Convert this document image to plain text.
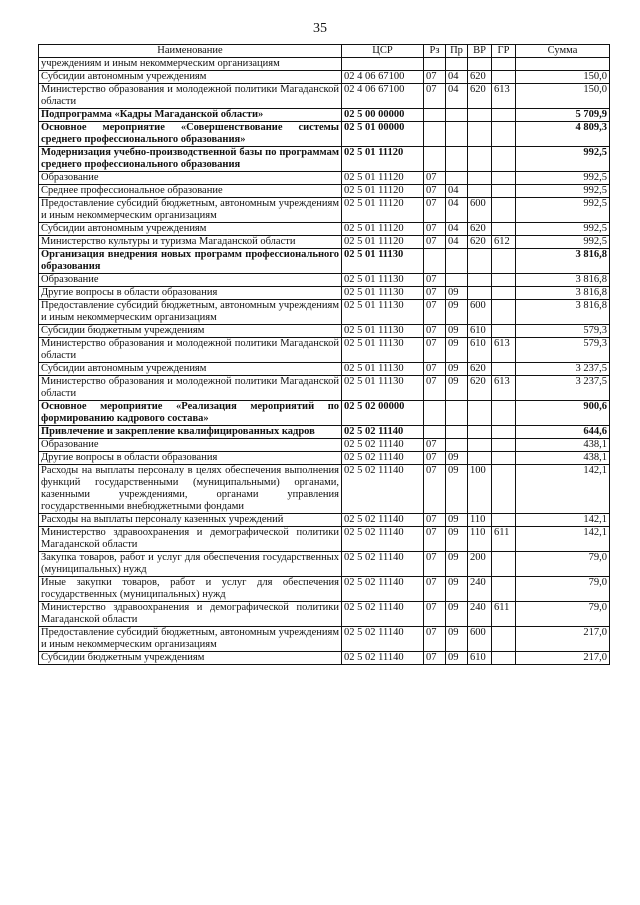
35
Наименование	ЦСР	Рз	Пр	ВР	ГР	Сумма
учреждениям и иным некоммерческим организациям						
Субсидии автономным учреждениям	02 4 06 67100	07	04	620		150,0
Министерство образования и молодежной политики Магаданской области	02 4 06 67100	07	04	620	613	150,0
Подпрограмма «Кадры Магаданской области»	02 5 00 00000					5 709,9
Основное мероприятие «Совершенствование системы среднего профессионального образования»	02 5 01 00000					4 809,3
Модернизация учебно-производственной базы по программам среднего профессионального образования	02 5 01 11120					992,5
Образование	02 5 01 11120	07				992,5
Среднее профессиональное образование	02 5 01 11120	07	04			992,5
Предоставление субсидий бюджетным, автономным учреждениям и иным некоммерческим организациям	02 5 01 11120	07	04	600		992,5
Субсидии автономным учреждениям	02 5 01 11120	07	04	620		992,5
Министерство культуры и туризма Магаданской области	02 5 01 11120	07	04	620	612	992,5
Организация внедрения новых программ профессионального образования	02 5 01 11130					3 816,8
Образование	02 5 01 11130	07				3 816,8
Другие вопросы в области образования	02 5 01 11130	07	09			3 816,8
Предоставление субсидий бюджетным, автономным учреждениям и иным некоммерческим организациям	02 5 01 11130	07	09	600		3 816,8
Субсидии бюджетным учреждениям	02 5 01 11130	07	09	610		579,3
Министерство образования и молодежной политики Магаданской области	02 5 01 11130	07	09	610	613	579,3
Субсидии автономным учреждениям	02 5 01 11130	07	09	620		3 237,5
Министерство образования и молодежной политики Магаданской области	02 5 01 11130	07	09	620	613	3 237,5
Основное мероприятие «Реализация мероприятий по формированию кадрового состава»	02 5 02 00000					900,6
Привлечение и закрепление квалифицированных кадров	02 5 02 11140					644,6
Образование	02 5 02 11140	07				438,1
Другие вопросы в области образования	02 5 02 11140	07	09			438,1
Расходы на выплаты персоналу в целях обеспечения выполнения функций государственными (муниципальными) органами, казенными учреждениями, органами управления государственными внебюджетными фондами	02 5 02 11140	07	09	100		142,1
Расходы на выплаты персоналу казенных учреждений	02 5 02 11140	07	09	110		142,1
Министерство здравоохранения и демографической политики Магаданской области	02 5 02 11140	07	09	110	611	142,1
Закупка товаров, работ и услуг для обеспечения государственных (муниципальных) нужд	02 5 02 11140	07	09	200		79,0
Иные закупки товаров, работ и услуг для обеспечения государственных (муниципальных) нужд	02 5 02 11140	07	09	240		79,0
Министерство здравоохранения и демографической политики Магаданской области	02 5 02 11140	07	09	240	611	79,0
Предоставление субсидий бюджетным, автономным учреждениям и иным некоммерческим организациям	02 5 02 11140	07	09	600		217,0
Субсидии бюджетным учреждениям	02 5 02 11140	07	09	610		217,0
